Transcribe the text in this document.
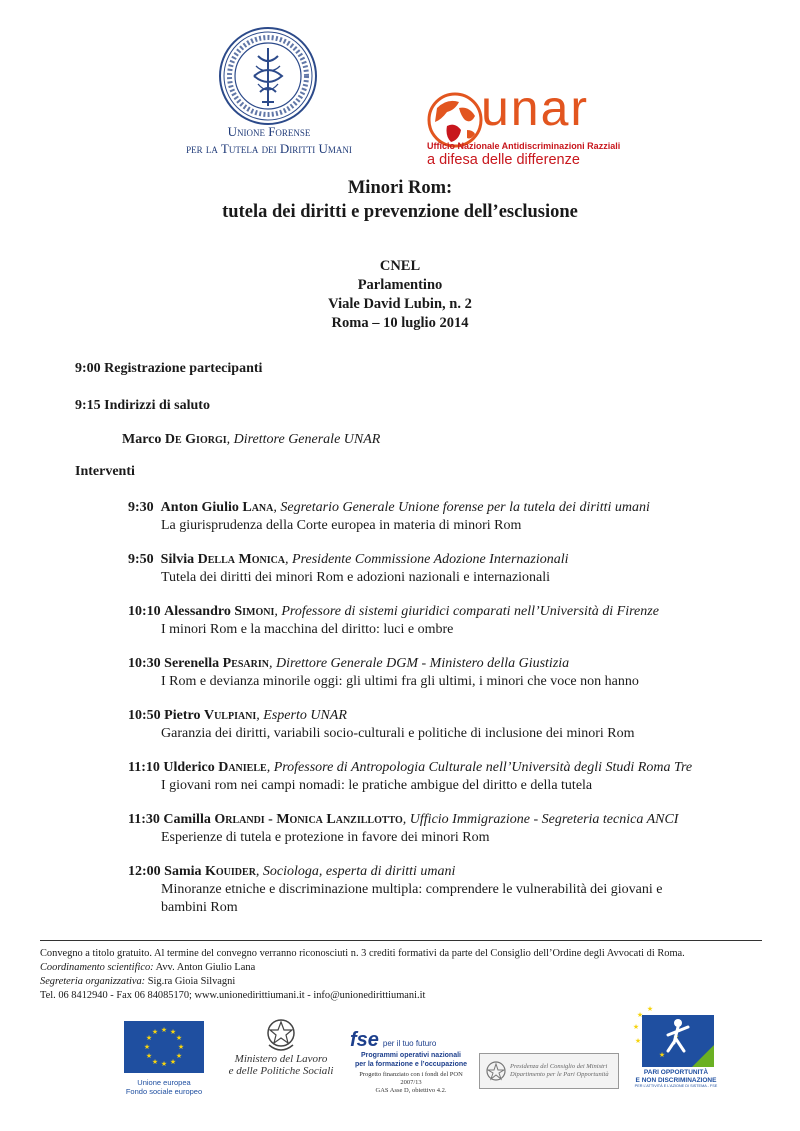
Unione Forense
per la Tutela dei Diritti Umani
unar
Ufficio Nazionale Antidiscriminazioni Razziali
a difesa delle differenze
Minori Rom:
tutela dei diritti e prevenzione dell’esclusione
CNEL
Parlamentino
Viale David Lubin, n. 2
Roma – 10 luglio 2014
9:00 Registrazione partecipanti
9:15 Indirizzi di saluto
Marco De Giorgi, Direttore Generale UNAR
Interventi
9:30 Anton Giulio Lana, Segretario Generale Unione forense per la tutela dei diritti umani
La giurisprudenza della Corte europea in materia di minori Rom
9:50 Silvia Della Monica, Presidente Commissione Adozione Internazionali
Tutela dei diritti dei minori Rom e adozioni nazionali e internazionali
10:10 Alessandro Simoni, Professore di sistemi giuridici comparati nell’Università di Firenze
I minori Rom e la macchina del diritto: luci e ombre
10:30 Serenella Pesarin, Direttore Generale DGM - Ministero della Giustizia
I Rom e devianza minorile oggi: gli ultimi fra gli ultimi, i minori che voce non hanno
10:50 Pietro Vulpiani, Esperto UNAR
Garanzia dei diritti, variabili socio-culturali e politiche di inclusione dei minori Rom
11:10 Ulderico Daniele, Professore di Antropologia Culturale nell’Università degli Studi Roma Tre
I giovani rom nei campi nomadi: le pratiche ambigue del diritto e della tutela
11:30 Camilla Orlandi - Monica Lanzillotto, Ufficio Immigrazione - Segreteria tecnica ANCI
Esperienze di tutela e protezione in favore dei minori Rom
12:00 Samia Kouider, Sociologa, esperta di diritti umani
Minoranze etniche e discriminazione multipla: comprendere le vulnerabilità dei giovani e bambini Rom
Convegno a titolo gratuito. Al termine del convegno verranno riconosciuti n. 3 crediti formativi da parte del Consiglio dell’Ordine degli Avvocati di Roma.
Coordinamento scientifico: Avv. Anton Giulio Lana
Segreteria organizzativa: Sig.ra Gioia Silvagni
Tel. 06 8412940 - Fax 06 84085170; www.unionedirittiumani.it - info@unionedirittiumani.it
★ ★
★
★
★
★
★
★
★
★
★
★
Unione europea
Fondo sociale europeo
Ministero del Lavoro
e delle Politiche Sociali
fse per il tuo futuro
Programmi operativi nazionali
per la formazione e l’occupazione
Progetto finanziato con i fondi del PON 2007/13
GAS Asse D, obiettivo 4.2.
Presidenza del Consiglio dei Ministri
Dipartimento per le Pari Opportunità
★
★
★
★	★
★
PARI OPPORTUNITÀ
E NON DISCRIMINAZIONE
PER L’ATTIVITÀ E L’AZIONE DI SISTEMA - FSE
